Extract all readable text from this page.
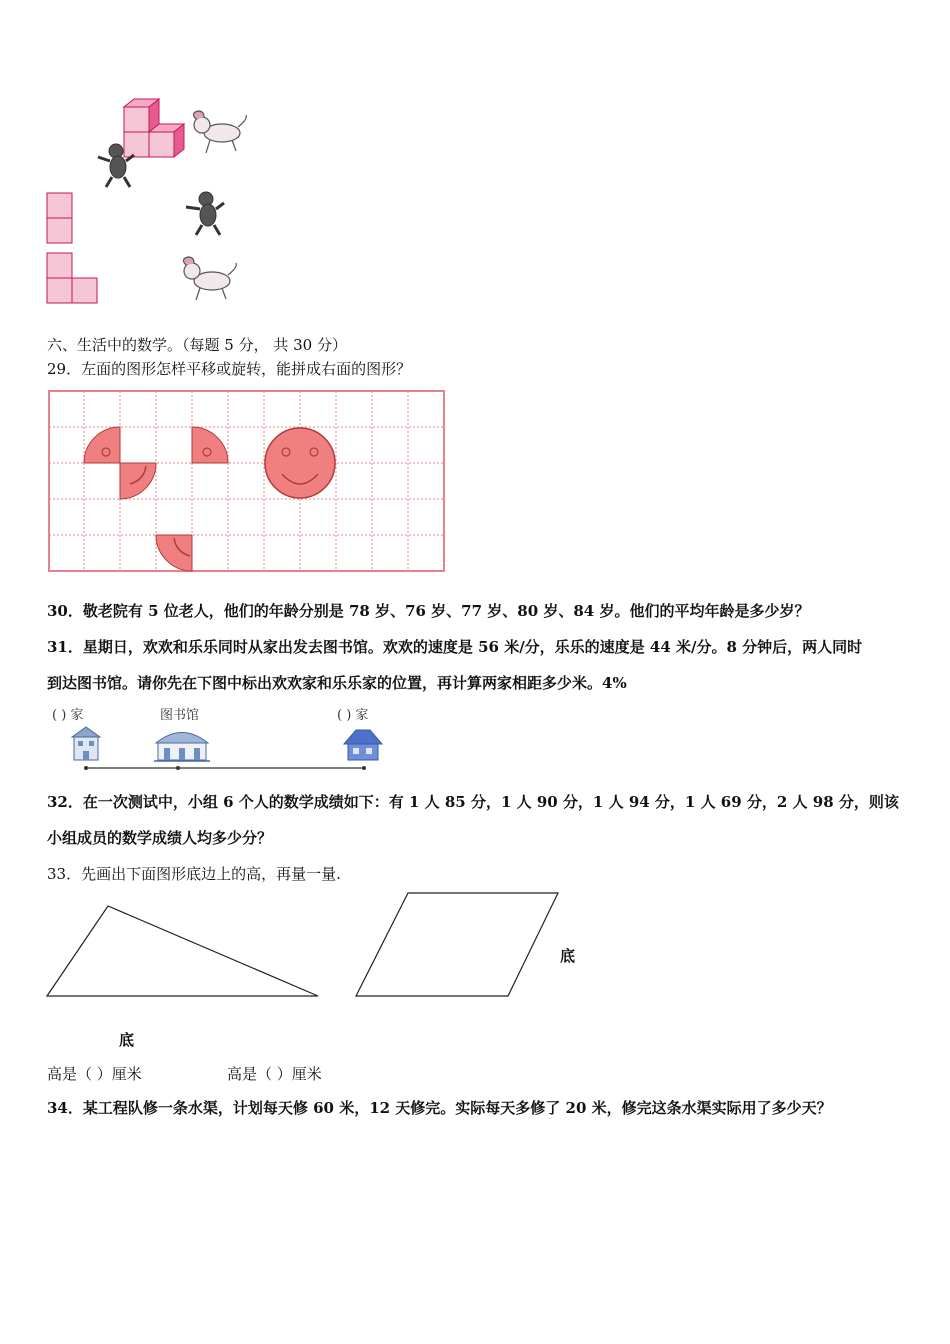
六、生活中的数学。（每题 5 分， 共 30 分）
29．左面的图形怎样平移或旋转，能拼成右面的图形？
30．敬老院有 5 位老人，他们的年龄分别是 78 岁、76 岁、77 岁、80 岁、84 岁。他们的平均年龄是多少岁？
31．星期日，欢欢和乐乐同时从家出发去图书馆。欢欢的速度是 56 米/分，乐乐的速度是 44 米/分。8 分钟后，两人同时
到达图书馆。请你先在下图中标出欢欢家和乐乐家的位置，再计算两家相距多少米。4%
( ) 家	图书馆	( ) 家
32．在一次测试中，小组 6 个人的数学成绩如下：有 1 人 85 分，1 人 90 分，1 人 94 分，1 人 69 分，2 人 98 分，则该
小组成员的数学成绩人均多少分？
33．先画出下面图形底边上的高，再量一量.
底
底
高是（ ）厘米	高是（ ）厘米
34．某工程队修一条水渠，计划每天修 60 米，12 天修完。实际每天多修了 20 米，修完这条水渠实际用了多少天？
